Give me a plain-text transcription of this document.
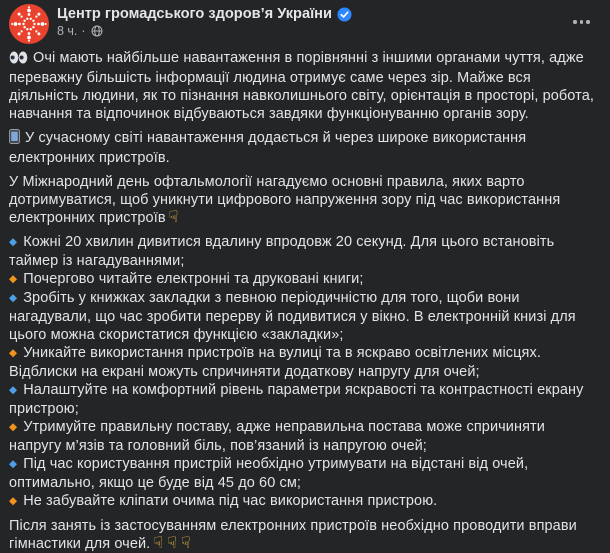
Центр громадського здоров’я України
8 ч. ·

Очі мають найбільше навантаження в порівнянні з іншими органами чуття, адже переважну більшість інформації людина отримує саме через зір. Майже вся діяльність людини, як то пізнання навколишнього світу, орієнтація в просторі, робота, навчання та відпочинок відбуваються завдяки функціонуванню органів зору.

У сучасному світі навантаження додається й через широке використання електронних пристроїв.

У Міжнародний день офтальмології нагадуємо основні правила, яких варто дотримуватися, щоб уникнути цифрового напруження зору під час використання електронних пристроїв ☟

◆ Кожні 20 хвилин дивитися вдалину впродовж 20 секунд. Для цього встановіть таймер із нагадуваннями;
◆ Почергово читайте електронні та друковані книги;
◆ Зробіть у книжках закладки з певною періодичністю для того, щоби вони нагадували, що час зробити перерву й подивитися у вікно. В електронній книзі для цього можна скористатися функцією «закладки»;
◆ Уникайте використання пристроїв на вулиці та в яскраво освітлених місцях. Відблиски на екрані можуть спричиняти додаткову напругу для очей;
◆ Налаштуйте на комфортний рівень параметри яскравості та контрастності екрану пристрою;
◆ Утримуйте правильну поставу, адже неправильна постава може спричиняти напругу м’язів та головний біль, пов’язаний із напругою очей;
◆ Під час користування пристрій необхідно утримувати на відстані від очей, оптимально, якщо це буде від 45 до 60 см;
◆ Не забувайте кліпати очима під час використання пристрою.

Після занять із застосуванням електронних пристроїв необхідно проводити вправи гімнастики для очей. ☟ ☟ ☟
